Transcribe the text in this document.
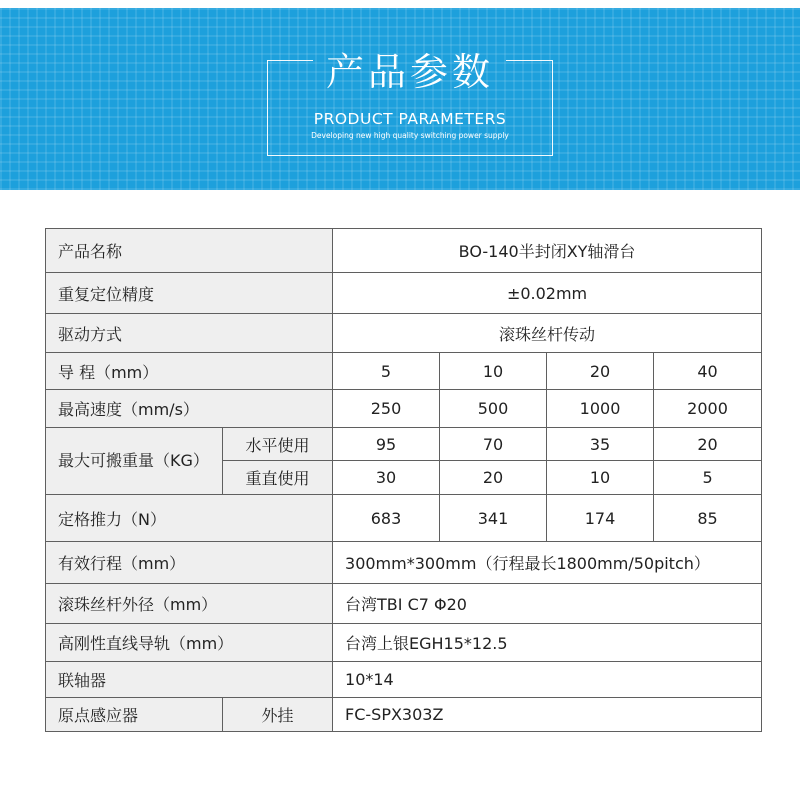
产品参数
PRODUCT PARAMETERS
Developing new high quality switching power supply
产品名称		BO-140半封闭XY轴滑台			
重复定位精度		±0.02mm			
驱动方式		滚珠丝杆传动			
导 程（mm）		5	10	20	40
最高速度（mm/s）		250	500	1000	2000
最大可搬重量（KG）	水平使用	95	70	35	20
	重直使用	30	20	10	5
定格推力（N）		683	341	174	85
有效行程（mm）		300mm*300mm（行程最长1800mm/50pitch）			
滚珠丝杆外径（mm）		台湾TBI C7 Φ20			
高刚性直线导轨（mm）		台湾上银EGH15*12.5			
联轴器		10*14			
原点感应器	外挂	FC-SPX303Z			
